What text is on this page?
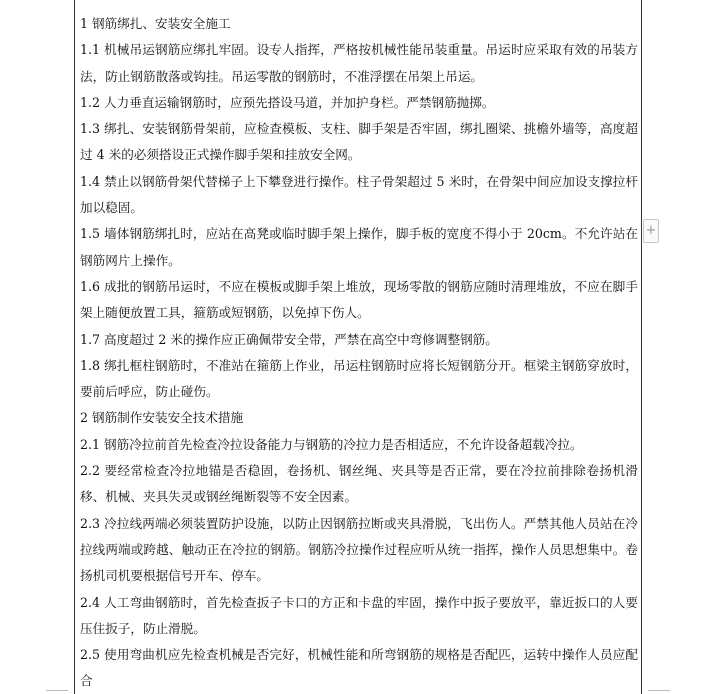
1 钢筋绑扎、安装安全施工

1.1 机械吊运钢筋应绑扎牢固。设专人指挥，严格按机械性能吊装重量。吊运时应采取有效的吊装方法，防止钢筋散落或钩挂。吊运零散的钢筋时，不准浮摆在吊架上吊运。

1.2 人力垂直运输钢筋时，应预先搭设马道，并加护身栏。严禁钢筋抛掷。

1.3 绑扎、安装钢筋骨架前，应检查模板、支柱、脚手架是否牢固，绑扎圈梁、挑檐外墙等，高度超过 4 米的必须搭设正式操作脚手架和挂放安全网。

1.4 禁止以钢筋骨架代替梯子上下攀登进行操作。柱子骨架超过 5 米时，在骨架中间应加设支撑拉杆加以稳固。

1.5 墙体钢筋绑扎时，应站在高凳或临时脚手架上操作，脚手板的宽度不得小于 20cm。不允许站在钢筋网片上操作。

1.6 成批的钢筋吊运时，不应在模板或脚手架上堆放，现场零散的钢筋应随时清理堆放，不应在脚手架上随便放置工具，箍筋或短钢筋，以免掉下伤人。

1.7 高度超过 2 米的操作应正确佩带安全带，严禁在高空中弯修调整钢筋。

1.8 绑扎框柱钢筋时，不准站在箍筋上作业，吊运柱钢筋时应将长短钢筋分开。框梁主钢筋穿放时，要前后呼应，防止碰伤。

2 钢筋制作安装安全技术措施

2.1 钢筋冷拉前首先检查冷拉设备能力与钢筋的冷拉力是否相适应，不允许设备超载冷拉。

2.2 要经常检查冷拉地锚是否稳固，卷扬机、钢丝绳、夹具等是否正常，要在冷拉前排除卷扬机滑移、机械、夹具失灵或钢丝绳断裂等不安全因素。

2.3 冷拉线两端必须装置防护设施，以防止因钢筋拉断或夹具滑脱，飞出伤人。严禁其他人员站在冷拉线两端或跨越、触动正在冷拉的钢筋。钢筋冷拉操作过程应听从统一指挥，操作人员思想集中。卷扬机司机要根据信号开车、停车。

2.4 人工弯曲钢筋时，首先检查扳子卡口的方正和卡盘的牢固，操作中扳子要放平，靠近扳口的人要压住扳子，防止滑脱。

2.5 使用弯曲机应先检查机械是否完好，机械性能和所弯钢筋的规格是否配匹，运转中操作人员应配合

+
